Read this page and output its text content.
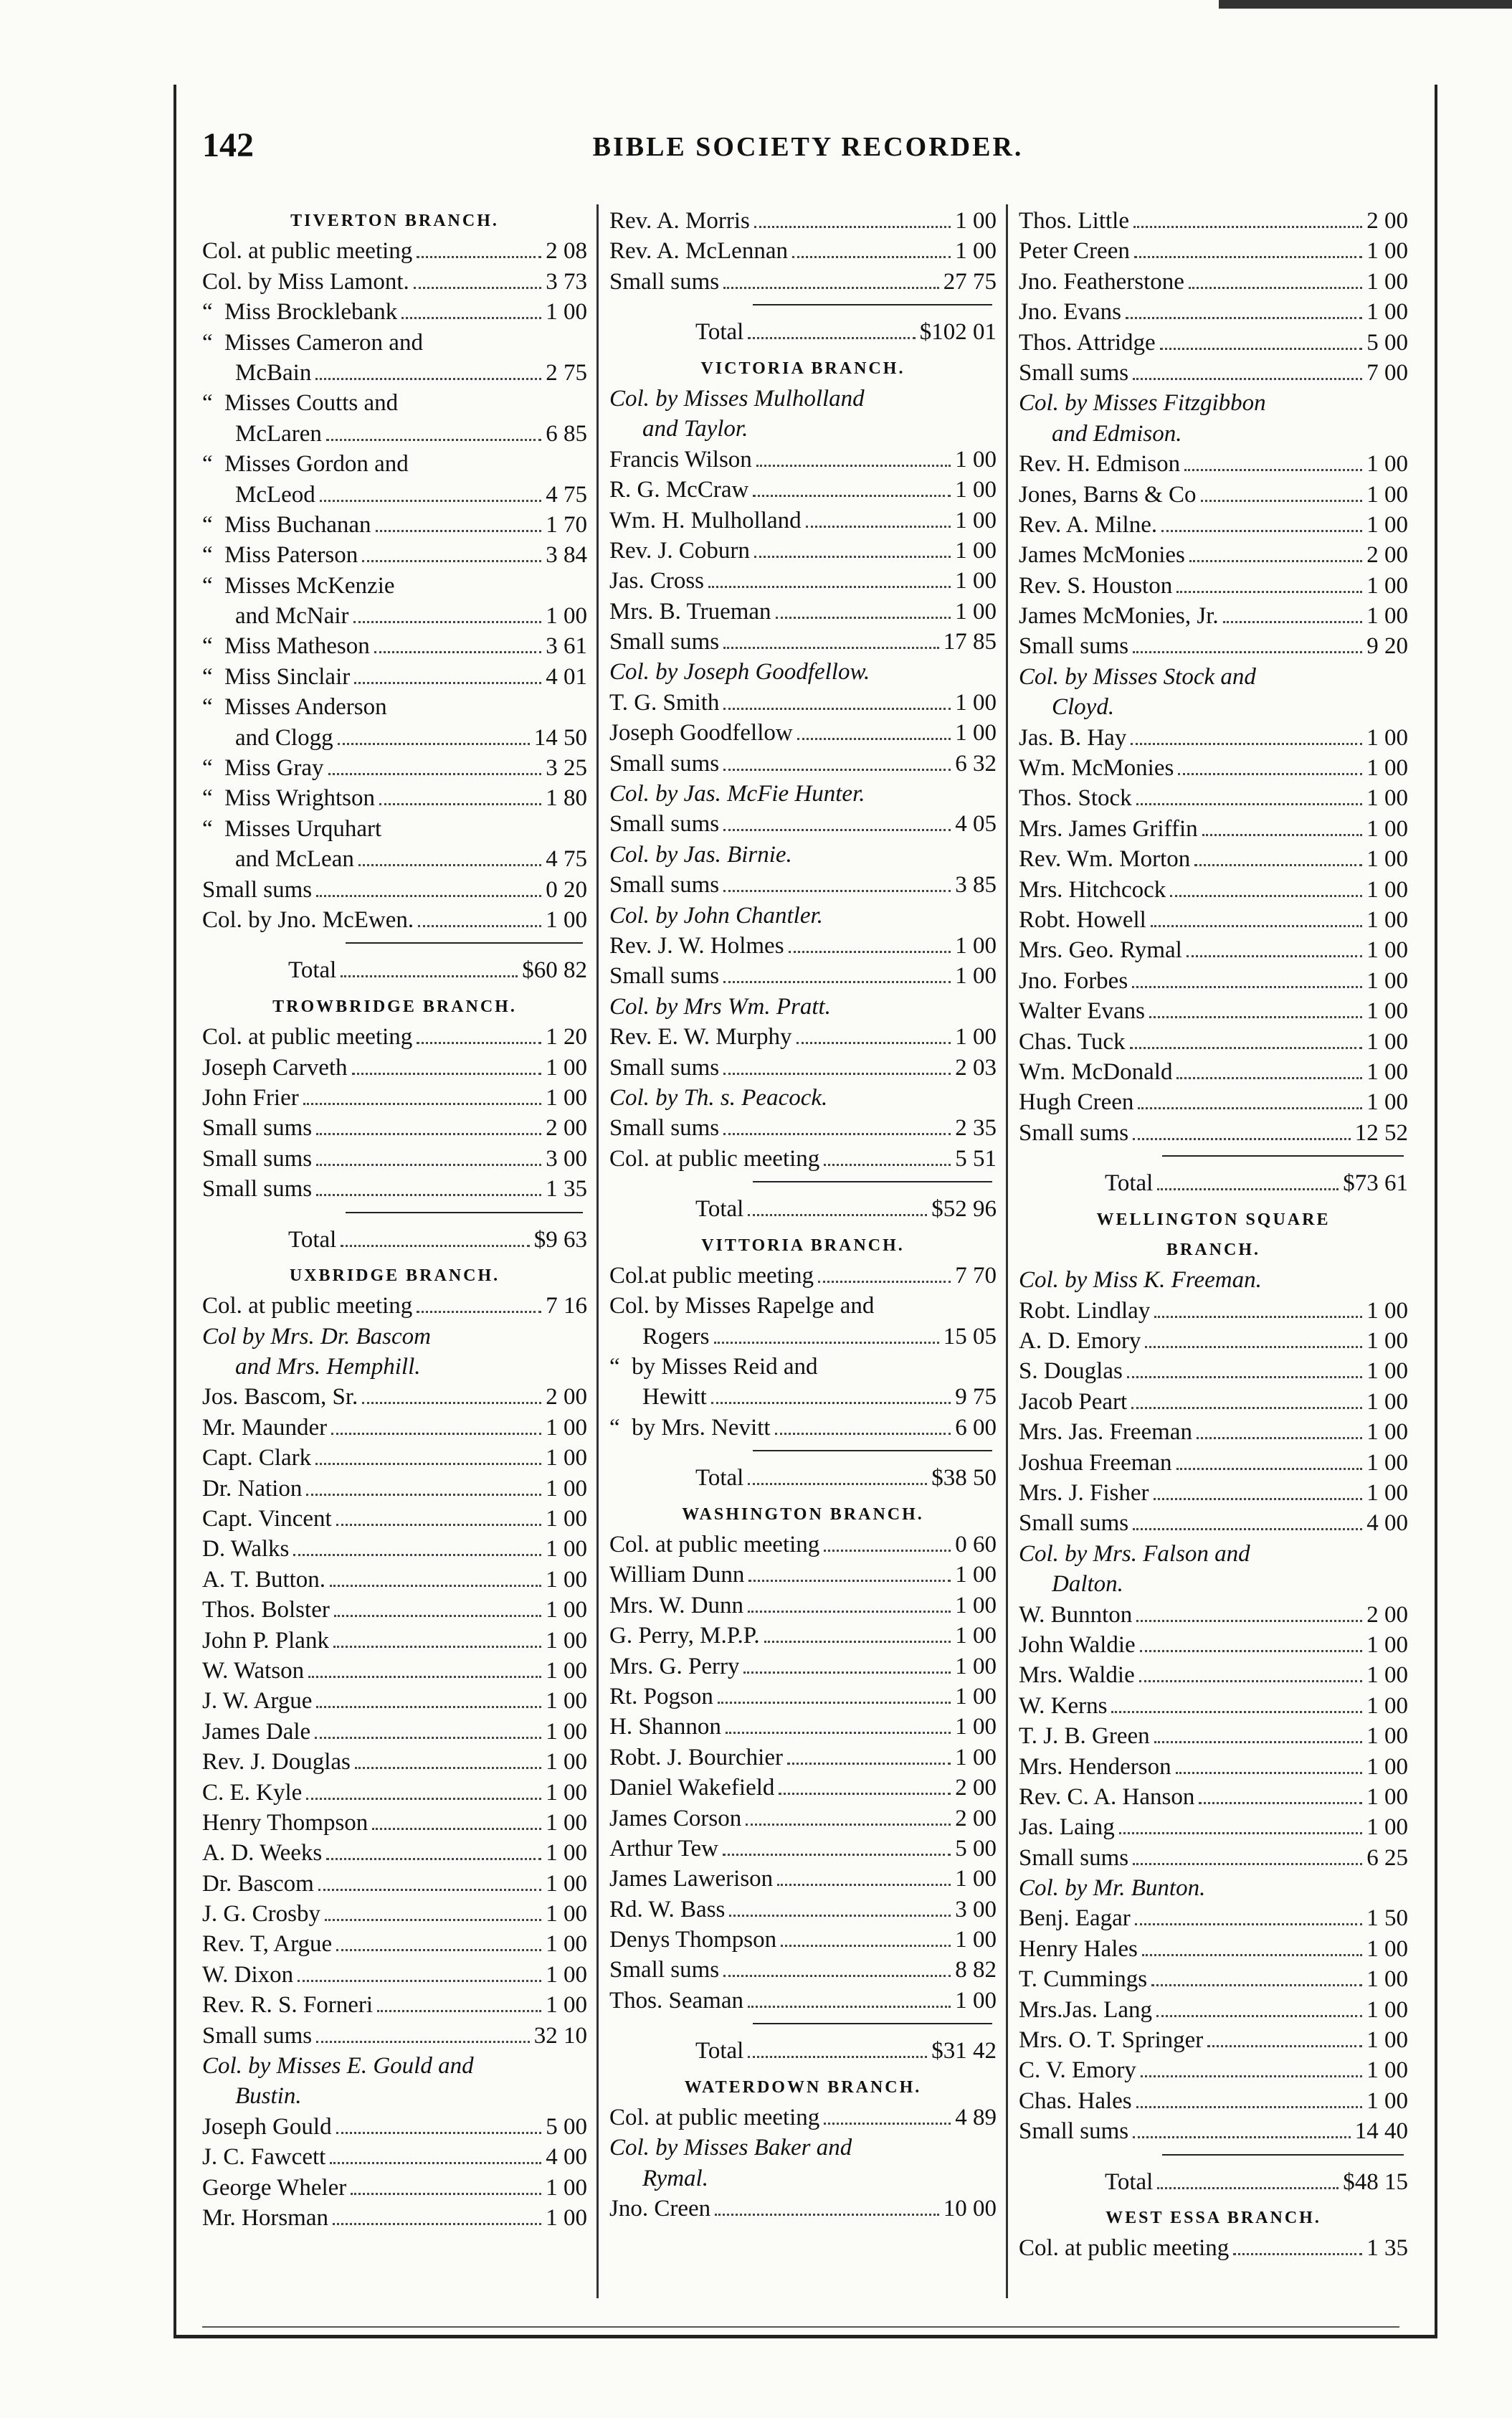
142	BIBLE SOCIETY RECORDER.
TIVERTON BRANCH.
Col. at public meeting	2 08
Col. by Miss Lamont.	3 73
“  Miss Brocklebank	1 00
“  Misses Cameron and
McBain	2 75
“  Misses Coutts and
McLaren	6 85
“  Misses Gordon and
McLeod	4 75
“  Miss Buchanan	1 70
“  Miss Paterson	3 84
“  Misses McKenzie
and McNair	1 00
“  Miss Matheson	3 61
“  Miss Sinclair	4 01
“  Misses Anderson
and Clogg	14 50
“  Miss Gray	3 25
“  Miss Wrightson	1 80
“  Misses Urquhart
and McLean	4 75
Small sums	0 20
Col. by Jno. McEwen.	1 00
Total	$60 82
TROWBRIDGE BRANCH.
Col. at public meeting	1 20
Joseph Carveth	1 00
John Frier	1 00
Small sums	2 00
Small sums	3 00
Small sums	1 35
Total	$9 63
UXBRIDGE BRANCH.
Col. at public meeting	7 16
Col by Mrs. Dr. Bascom
and Mrs. Hemphill.
Jos. Bascom, Sr.	2 00
Mr. Maunder	1 00
Capt. Clark	1 00
Dr. Nation	1 00
Capt. Vincent	1 00
D. Walks	1 00
A. T. Button.	1 00
Thos. Bolster	1 00
John P. Plank	1 00
W. Watson	1 00
J. W. Argue	1 00
James Dale	1 00
Rev. J. Douglas	1 00
C. E. Kyle	1 00
Henry Thompson	1 00
A. D. Weeks	1 00
Dr. Bascom	1 00
J. G. Crosby	1 00
Rev. T, Argue	1 00
W. Dixon	1 00
Rev. R. S. Forneri	1 00
Small sums	32 10
Col. by Misses E. Gould and
Bustin.
Joseph Gould	5 00
J. C. Fawcett	4 00
George Wheler	1 00
Mr. Horsman	1 00
Rev. A. Morris	1 00
Rev. A. McLennan	1 00
Small sums	27 75
Total	$102 01
VICTORIA BRANCH.
Col. by Misses Mulholland
and Taylor.
Francis Wilson	1 00
R. G. McCraw	1 00
Wm. H. Mulholland	1 00
Rev. J. Coburn	1 00
Jas. Cross	1 00
Mrs. B. Trueman	1 00
Small sums	17 85
Col. by Joseph Goodfellow.
T. G. Smith	1 00
Joseph Goodfellow	1 00
Small sums	6 32
Col. by Jas. McFie Hunter.
Small sums	4 05
Col. by Jas. Birnie.
Small sums	3 85
Col. by John Chantler.
Rev. J. W. Holmes	1 00
Small sums	1 00
Col. by Mrs Wm. Pratt.
Rev. E. W. Murphy	1 00
Small sums	2 03
Col. by Th. s. Peacock.
Small sums	2 35
Col. at public meeting	5 51
Total	$52 96
VITTORIA BRANCH.
Col.at public meeting	7 70
Col. by Misses Rapelge and
Rogers	15 05
“  by Misses Reid and
Hewitt	9 75
“  by Mrs. Nevitt	6 00
Total	$38 50
WASHINGTON BRANCH.
Col. at public meeting	0 60
William Dunn	1 00
Mrs. W. Dunn	1 00
G. Perry, M.P.P.	1 00
Mrs. G. Perry	1 00
Rt. Pogson	1 00
H. Shannon	1 00
Robt. J. Bourchier	1 00
Daniel Wakefield	2 00
James Corson	2 00
Arthur Tew	5 00
James Lawerison	1 00
Rd. W. Bass	3 00
Denys Thompson	1 00
Small sums	8 82
Thos. Seaman	1 00
Total	$31 42
WATERDOWN BRANCH.
Col. at public meeting	4 89
Col. by Misses Baker and
Rymal.
Jno. Creen	10 00
Thos. Little	2 00
Peter Creen	1 00
Jno. Featherstone	1 00
Jno. Evans	1 00
Thos. Attridge	5 00
Small sums	7 00
Col. by Misses Fitzgibbon
and Edmison.
Rev. H. Edmison	1 00
Jones, Barns & Co	1 00
Rev. A. Milne.	1 00
James McMonies	2 00
Rev. S. Houston	1 00
James McMonies, Jr.	1 00
Small sums	9 20
Col. by Misses Stock and
Cloyd.
Jas. B. Hay	1 00
Wm. McMonies	1 00
Thos. Stock	1 00
Mrs. James Griffin	1 00
Rev. Wm. Morton	1 00
Mrs. Hitchcock	1 00
Robt. Howell	1 00
Mrs. Geo. Rymal	1 00
Jno. Forbes	1 00
Walter Evans	1 00
Chas. Tuck	1 00
Wm. McDonald	1 00
Hugh Creen	1 00
Small sums	12 52
Total	$73 61
WELLINGTON SQUARE
BRANCH.
Col. by Miss K. Freeman.
Robt. Lindlay	1 00
A. D. Emory	1 00
S. Douglas	1 00
Jacob Peart	1 00
Mrs. Jas. Freeman	1 00
Joshua Freeman	1 00
Mrs. J. Fisher	1 00
Small sums	4 00
Col. by Mrs. Falson and
Dalton.
W. Bunnton	2 00
John Waldie	1 00
Mrs. Waldie	1 00
W. Kerns	1 00
T. J. B. Green	1 00
Mrs. Henderson	1 00
Rev. C. A. Hanson	1 00
Jas. Laing	1 00
Small sums	6 25
Col. by Mr. Bunton.
Benj. Eagar	1 50
Henry Hales	1 00
T. Cummings	1 00
Mrs.Jas. Lang	1 00
Mrs. O. T. Springer	1 00
C. V. Emory	1 00
Chas. Hales	1 00
Small sums	14 40
Total	$48 15
WEST ESSA BRANCH.
Col. at public meeting	1 35
